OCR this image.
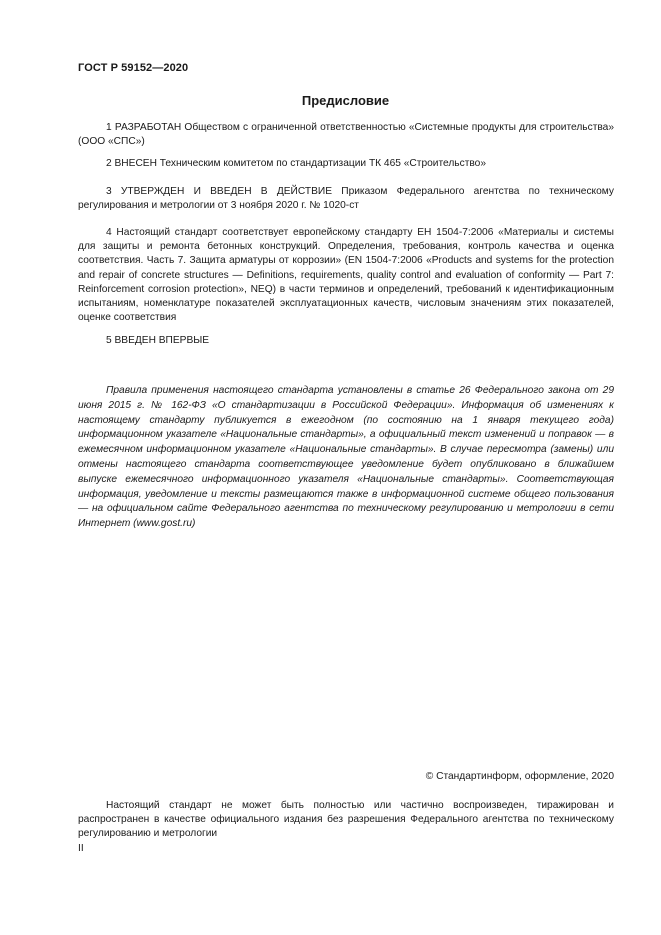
ГОСТ Р 59152—2020
Предисловие

1 РАЗРАБОТАН Обществом с ограниченной ответственностью «Системные продукты для строительства» (ООО «СПС»)

2 ВНЕСЕН Техническим комитетом по стандартизации ТК 465 «Строительство»

3 УТВЕРЖДЕН И ВВЕДЕН В ДЕЙСТВИЕ Приказом Федерального агентства по техническому регулирования и метрологии от 3 ноября 2020 г. № 1020-ст

4 Настоящий стандарт соответствует европейскому стандарту ЕН 1504-7:2006 «Материалы и системы для защиты и ремонта бетонных конструкций. Определения, требования, контроль качества и оценка соответствия. Часть 7. Защита арматуры от коррозии» (EN 1504-7:2006 «Products and systems for the protection and repair of concrete structures — Definitions, requirements, quality control and evaluation of conformity — Part 7: Reinforcement corrosion protection», NEQ) в части терминов и определений, требований к идентификационным испытаниям, номенклатуре показателей эксплуатационных качеств, числовым значениям этих показателей, оценке соответствия

5 ВВЕДЕН ВПЕРВЫЕ

Правила применения настоящего стандарта установлены в статье 26 Федерального закона от 29 июня 2015 г. № 162-ФЗ «О стандартизации в Российской Федерации». Информация об изменениях к настоящему стандарту публикуется в ежегодном (по состоянию на 1 января текущего года) информационном указателе «Национальные стандарты», а официальный текст изменений и поправок — в ежемесячном информационном указателе «Национальные стандарты». В случае пересмотра (замены) или отмены настоящего стандарта соответствующее уведомление будет опубликовано в ближайшем выпуске ежемесячного информационного указателя «Национальные стандарты». Соответствующая информация, уведомление и тексты размещаются также в информационной системе общего пользования — на официальном сайте Федерального агентства по техническому регулированию и метрологии в сети Интернет (www.gost.ru)

© Стандартинформ, оформление, 2020

Настоящий стандарт не может быть полностью или частично воспроизведен, тиражирован и распространен в качестве официального издания без разрешения Федерального агентства по техническому регулированию и метрологии

II
